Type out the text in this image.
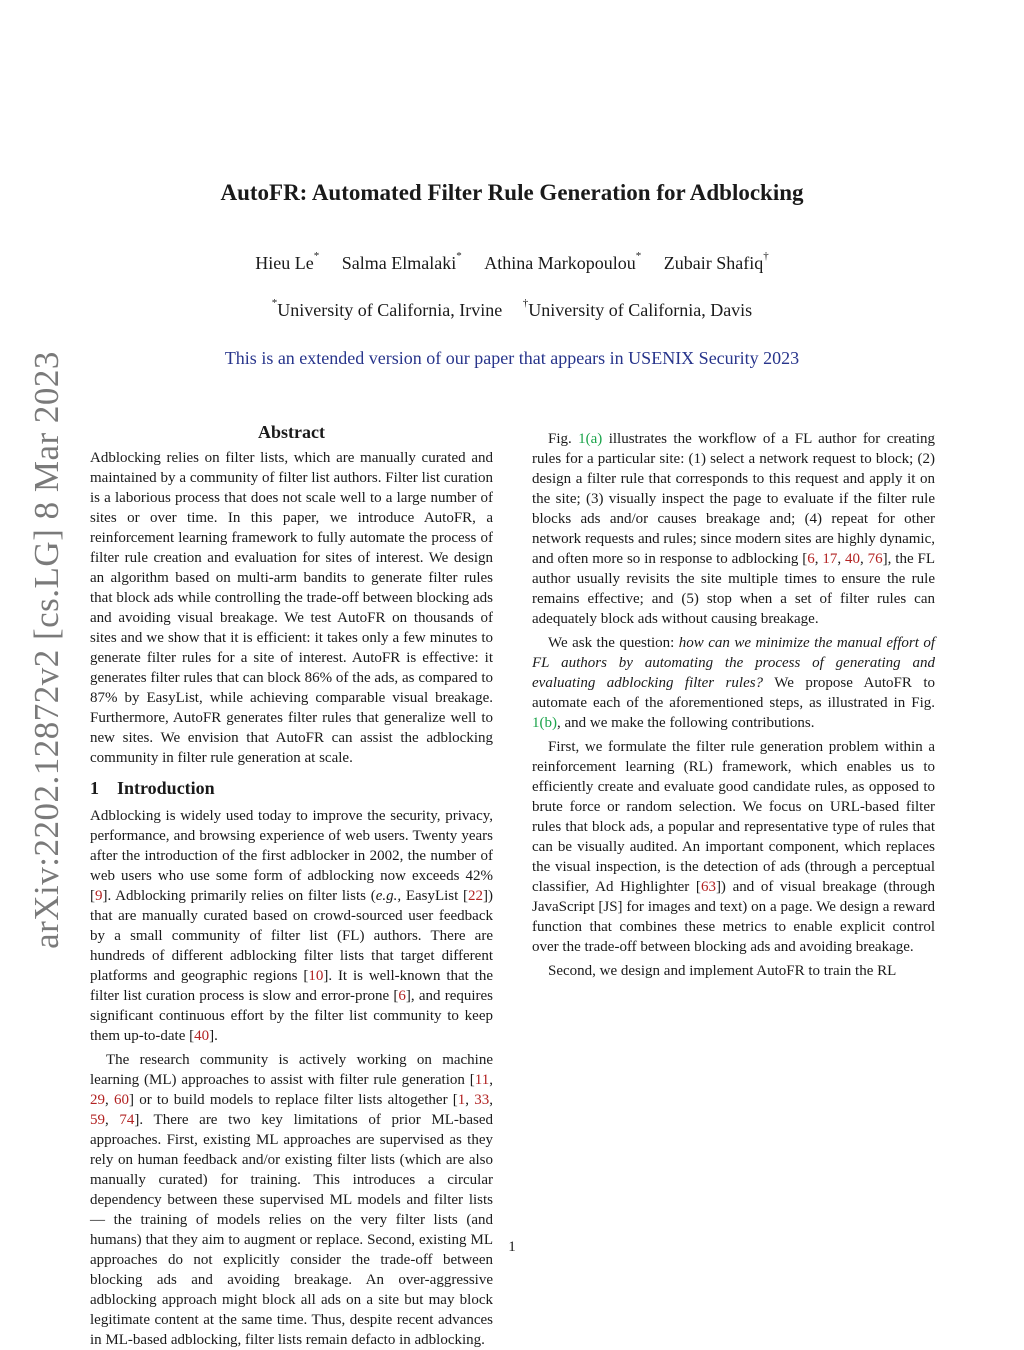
arXiv:2202.12872v2 [cs.LG] 8 Mar 2023
AutoFR: Automated Filter Rule Generation for Adblocking
Hieu Le* Salma Elmalaki* Athina Markopoulou* Zubair Shafiq†
*University of California, Irvine †University of California, Davis
This is an extended version of our paper that appears in USENIX Security 2023
Abstract

Adblocking relies on filter lists, which are manually curated and maintained by a community of filter list authors. Filter list curation is a laborious process that does not scale well to a large number of sites or over time. In this paper, we introduce AutoFR, a reinforcement learning framework to fully automate the process of filter rule creation and evaluation for sites of interest. We design an algorithm based on multi-arm bandits to generate filter rules that block ads while controlling the trade-off between blocking ads and avoiding visual breakage. We test AutoFR on thousands of sites and we show that it is efficient: it takes only a few minutes to generate filter rules for a site of interest. AutoFR is effective: it generates filter rules that can block 86% of the ads, as compared to 87% by EasyList, while achieving comparable visual breakage. Furthermore, AutoFR generates filter rules that generalize well to new sites. We envision that AutoFR can assist the adblocking community in filter rule generation at scale.

1 Introduction

Adblocking is widely used today to improve the security, privacy, performance, and browsing experience of web users. Twenty years after the introduction of the first adblocker in 2002, the number of web users who use some form of adblocking now exceeds 42% [9]. Adblocking primarily relies on filter lists (e.g., EasyList [22]) that are manually curated based on crowd-sourced user feedback by a small community of filter list (FL) authors. There are hundreds of different adblocking filter lists that target different platforms and geographic regions [10]. It is well-known that the filter list curation process is slow and error-prone [6], and requires significant continuous effort by the filter list community to keep them up-to-date [40].

The research community is actively working on machine learning (ML) approaches to assist with filter rule generation [11, 29, 60] or to build models to replace filter lists altogether [1, 33, 59, 74]. There are two key limitations of prior ML-based approaches. First, existing ML approaches are supervised as they rely on human feedback and/or existing filter lists (which are also manually curated) for training. This introduces a circular dependency between these supervised ML models and filter lists — the training of models relies on the very filter lists (and humans) that they aim to augment or replace. Second, existing ML approaches do not explicitly consider the trade-off between blocking ads and avoiding breakage. An over-aggressive adblocking approach might block all ads on a site but may block legitimate content at the same time. Thus, despite recent advances in ML-based adblocking, filter lists remain defacto in adblocking.

Fig. 1(a) illustrates the workflow of a FL author for creating rules for a particular site: (1) select a network request to block; (2) design a filter rule that corresponds to this request and apply it on the site; (3) visually inspect the page to evaluate if the filter rule blocks ads and/or causes breakage and; (4) repeat for other network requests and rules; since modern sites are highly dynamic, and often more so in response to adblocking [6, 17, 40, 76], the FL author usually revisits the site multiple times to ensure the rule remains effective; and (5) stop when a set of filter rules can adequately block ads without causing breakage.

We ask the question: how can we minimize the manual effort of FL authors by automating the process of generating and evaluating adblocking filter rules? We propose AutoFR to automate each of the aforementioned steps, as illustrated in Fig. 1(b), and we make the following contributions.

First, we formulate the filter rule generation problem within a reinforcement learning (RL) framework, which enables us to efficiently create and evaluate good candidate rules, as opposed to brute force or random selection. We focus on URL-based filter rules that block ads, a popular and representative type of rules that can be visually audited. An important component, which replaces the visual inspection, is the detection of ads (through a perceptual classifier, Ad Highlighter [63]) and of visual breakage (through JavaScript [JS] for images and text) on a page. We design a reward function that combines these metrics to enable explicit control over the trade-off between blocking ads and avoiding breakage.

Second, we design and implement AutoFR to train the RL

1
